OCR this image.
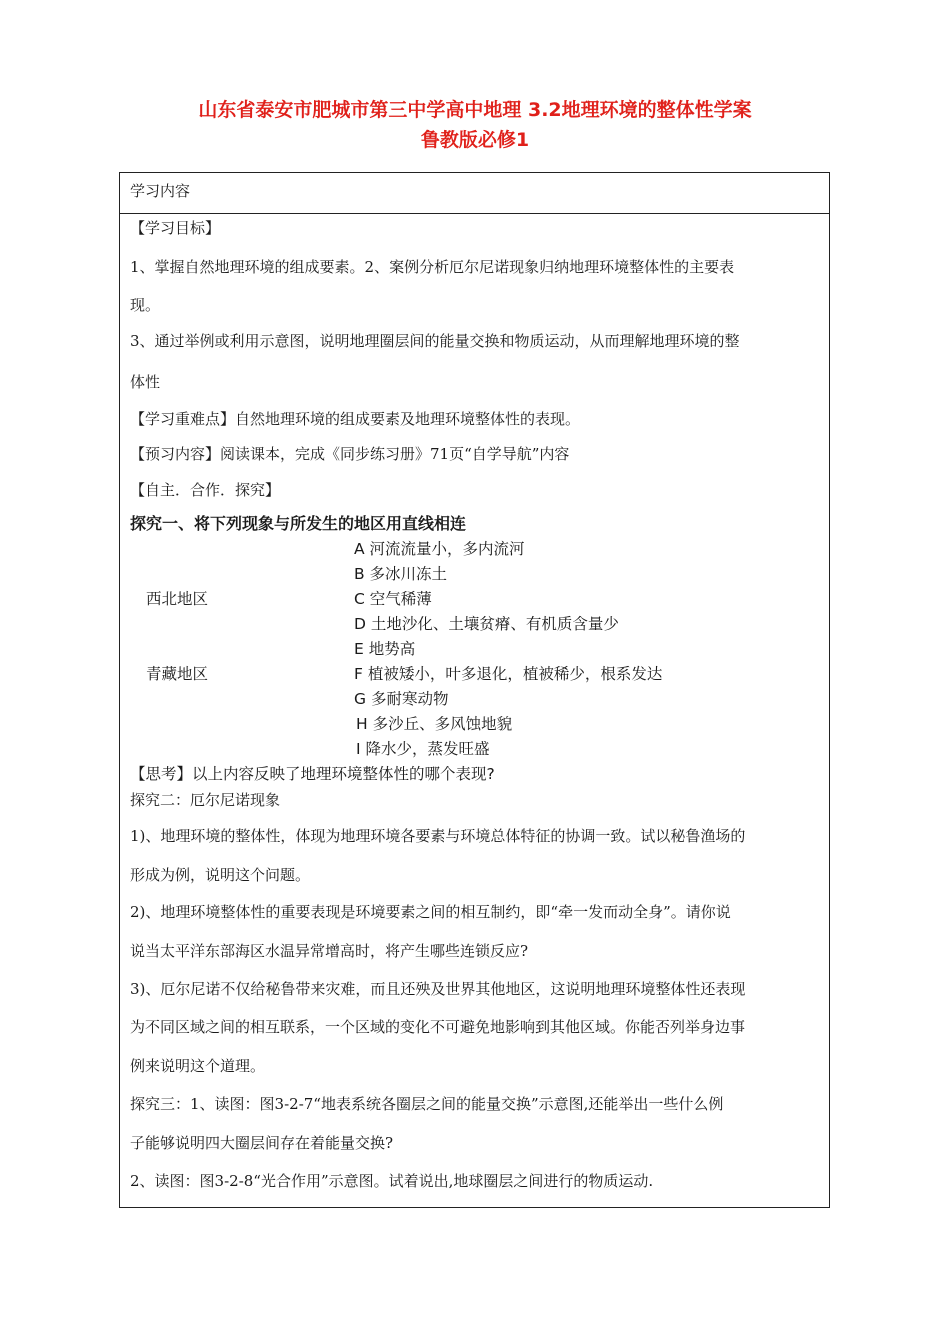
山东省泰安市肥城市第三中学高中地理 3.2地理环境的整体性学案
鲁教版必修1
学习内容
【学习目标】
1、掌握自然地理环境的组成要素。2、案例分析厄尔尼诺现象归纳地理环境整体性的主要表
现。
3、通过举例或利用示意图，说明地理圈层间的能量交换和物质运动，从而理解地理环境的整
体性
【学习重难点】自然地理环境的组成要素及地理环境整体性的表现。
【预习内容】阅读课本，完成《同步练习册》71页“自学导航”内容
【自主．合作．探究】
探究一、将下列现象与所发生的地区用直线相连
A 河流流量小，多内流河
B 多冰川冻土
C 空气稀薄
D 土地沙化、土壤贫瘠、有机质含量少
E 地势高
F 植被矮小，叶多退化，植被稀少，根系发达
G 多耐寒动物
H 多沙丘、多风蚀地貌
I 降水少，蒸发旺盛
西北地区
青藏地区
【思考】以上内容反映了地理环境整体性的哪个表现?
探究二：厄尔尼诺现象
1)、地理环境的整体性，体现为地理环境各要素与环境总体特征的协调一致。试以秘鲁渔场的
形成为例，说明这个问题。
2)、地理环境整体性的重要表现是环境要素之间的相互制约，即“牵一发而动全身”。请你说
说当太平洋东部海区水温异常增高时，将产生哪些连锁反应?
3)、厄尔尼诺不仅给秘鲁带来灾难，而且还殃及世界其他地区，这说明地理环境整体性还表现
为不同区域之间的相互联系，一个区域的变化不可避免地影响到其他区域。你能否列举身边事
例来说明这个道理。
探究三：1、读图：图3-2-7“地表系统各圈层之间的能量交换”示意图,还能举出一些什么例
子能够说明四大圈层间存在着能量交换?
2、读图：图3-2-8“光合作用”示意图。试着说出,地球圈层之间进行的物质运动.
